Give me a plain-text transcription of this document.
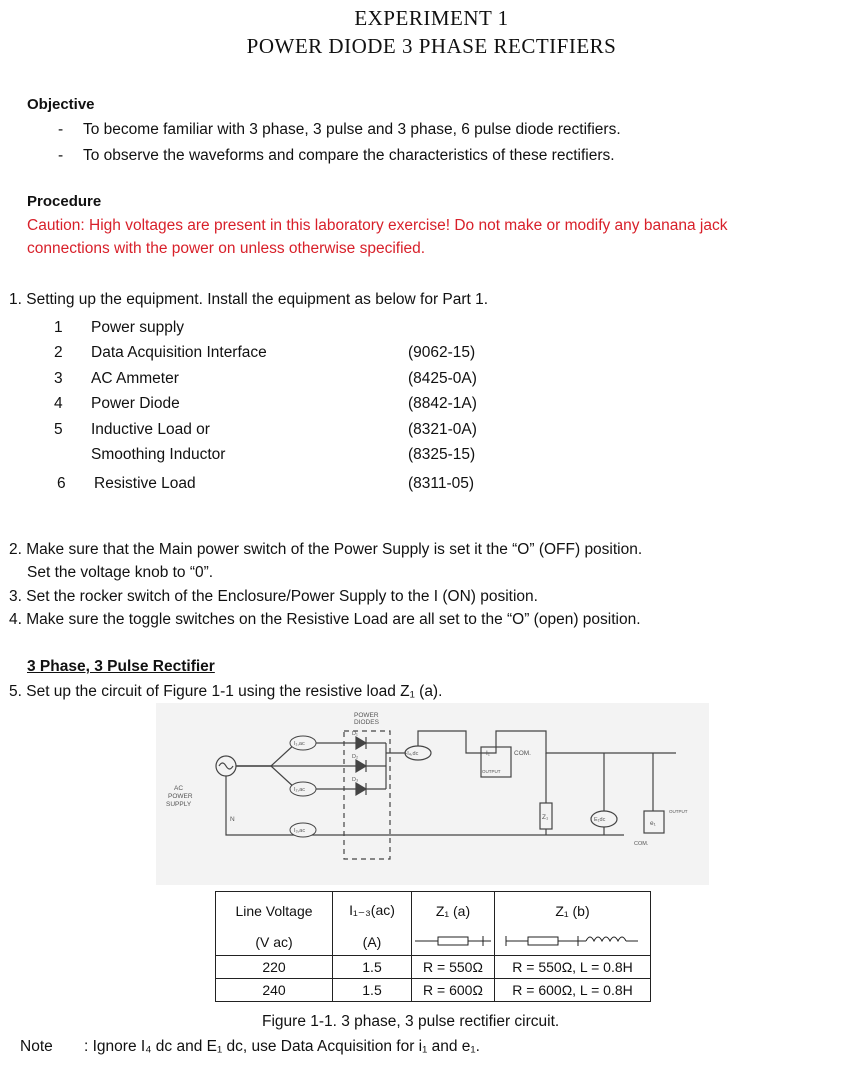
EXPERIMENT 1
POWER DIODE 3 PHASE RECTIFIERS
Objective
- To become familiar with 3 phase, 3 pulse and 3 phase, 6 pulse diode rectifiers.
- To observe the waveforms and compare the characteristics of these rectifiers.
Procedure
Caution: High voltages are present in this laboratory exercise! Do not make or modify any banana jack
connections with the power on unless otherwise specified.
1. Setting up the equipment. Install the equipment as below for Part 1.
1	Power supply	
2	Data Acquisition Interface	(9062-15)
3	AC Ammeter	(8425-0A)
4	Power Diode	(8842-1A)
5	Inductive Load or	(8321-0A)
	Smoothing Inductor	(8325-15)
6	Resistive Load	(8311-05)
2. Make sure that the Main power switch of the Power Supply is set it the “O” (OFF) position.
Set the voltage knob to “0”.
3. Set the rocker switch of the Enclosure/Power Supply to the I (ON) position.
4. Make sure the toggle switches on the Resistive Load are all set to the “O” (open) position.
3 Phase, 3 Pulse Rectifier
5. Set up the circuit of Figure 1-1 using the resistive load Z₁ (a).
POWER
DIODES
AC
POWER
SUPPLY
N
I₁,ac
I₂,ac
I₃,ac
+I₄,dc
D₁
D₂
D₃
I₁	COM.
OUTPUT
Z₁	E₁dc	e₁
OUTPUT
COM.
Line Voltage	I₁₋₃(ac)	Z₁ (a)	Z₁ (b)
(V ac)	(A)		
220	1.5	R = 550Ω	R = 550Ω, L = 0.8H
240	1.5	R = 600Ω	R = 600Ω, L = 0.8H
Figure 1-1. 3 phase, 3 pulse rectifier circuit.
Note : Ignore I₄ dc and E₁ dc, use Data Acquisition for i₁ and e₁.
